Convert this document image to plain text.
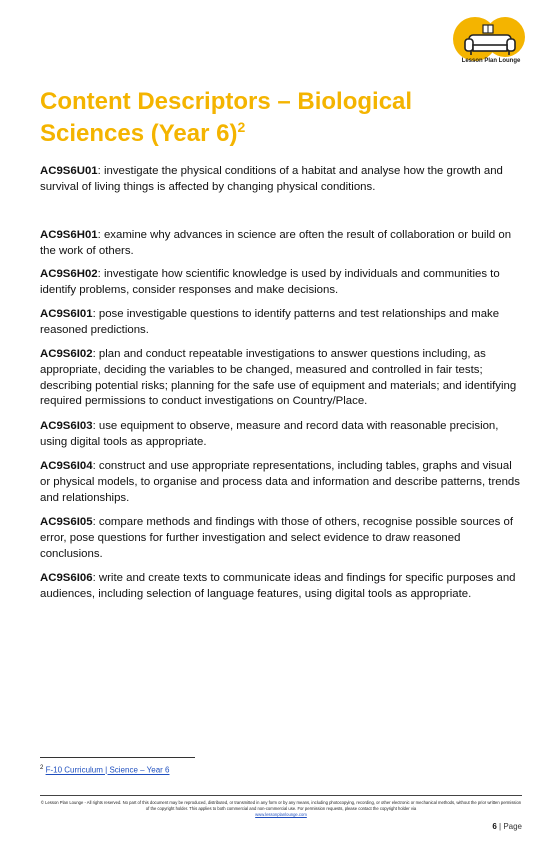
Lesson Plan Lounge
Content Descriptors – Biological Sciences (Year 6)$^2$

AC9S6U01: investigate the physical conditions of a habitat and analyse how the growth and survival of living things is affected by changing physical conditions.

AC9S6H01: examine why advances in science are often the result of collaboration or build on the work of others.

AC9S6H02: investigate how scientific knowledge is used by individuals and communities to identify problems, consider responses and make decisions.

AC9S6I01: pose investigable questions to identify patterns and test relationships and make reasoned predictions.

AC9S6I02: plan and conduct repeatable investigations to answer questions including, as appropriate, deciding the variables to be changed, measured and controlled in fair tests; describing potential risks; planning for the safe use of equipment and materials; and identifying required permissions to conduct investigations on Country/Place.

AC9S6I03: use equipment to observe, measure and record data with reasonable precision, using digital tools as appropriate.

AC9S6I04: construct and use appropriate representations, including tables, graphs and visual or physical models, to organise and process data and information and describe patterns, trends and relationships.

AC9S6I05: compare methods and findings with those of others, recognise possible sources of error, pose questions for further investigation and select evidence to draw reasoned conclusions.

AC9S6I06: write and create texts to communicate ideas and findings for specific purposes and audiences, including selection of language features, using digital tools as appropriate.

$^2$ F-10 Curriculum | Science – Year 6
© Lesson Plan Lounge - All rights reserved. No part of this document may be reproduced, distributed, or transmitted in any form or by any means, including photocopying, recording, or other electronic or mechanical methods, without the prior written permission of the copyright holder. This applies to both commercial and non-commercial use. For permission requests, please contact the copyright holder via
www.lessonplanlounge.com
6 | Page
